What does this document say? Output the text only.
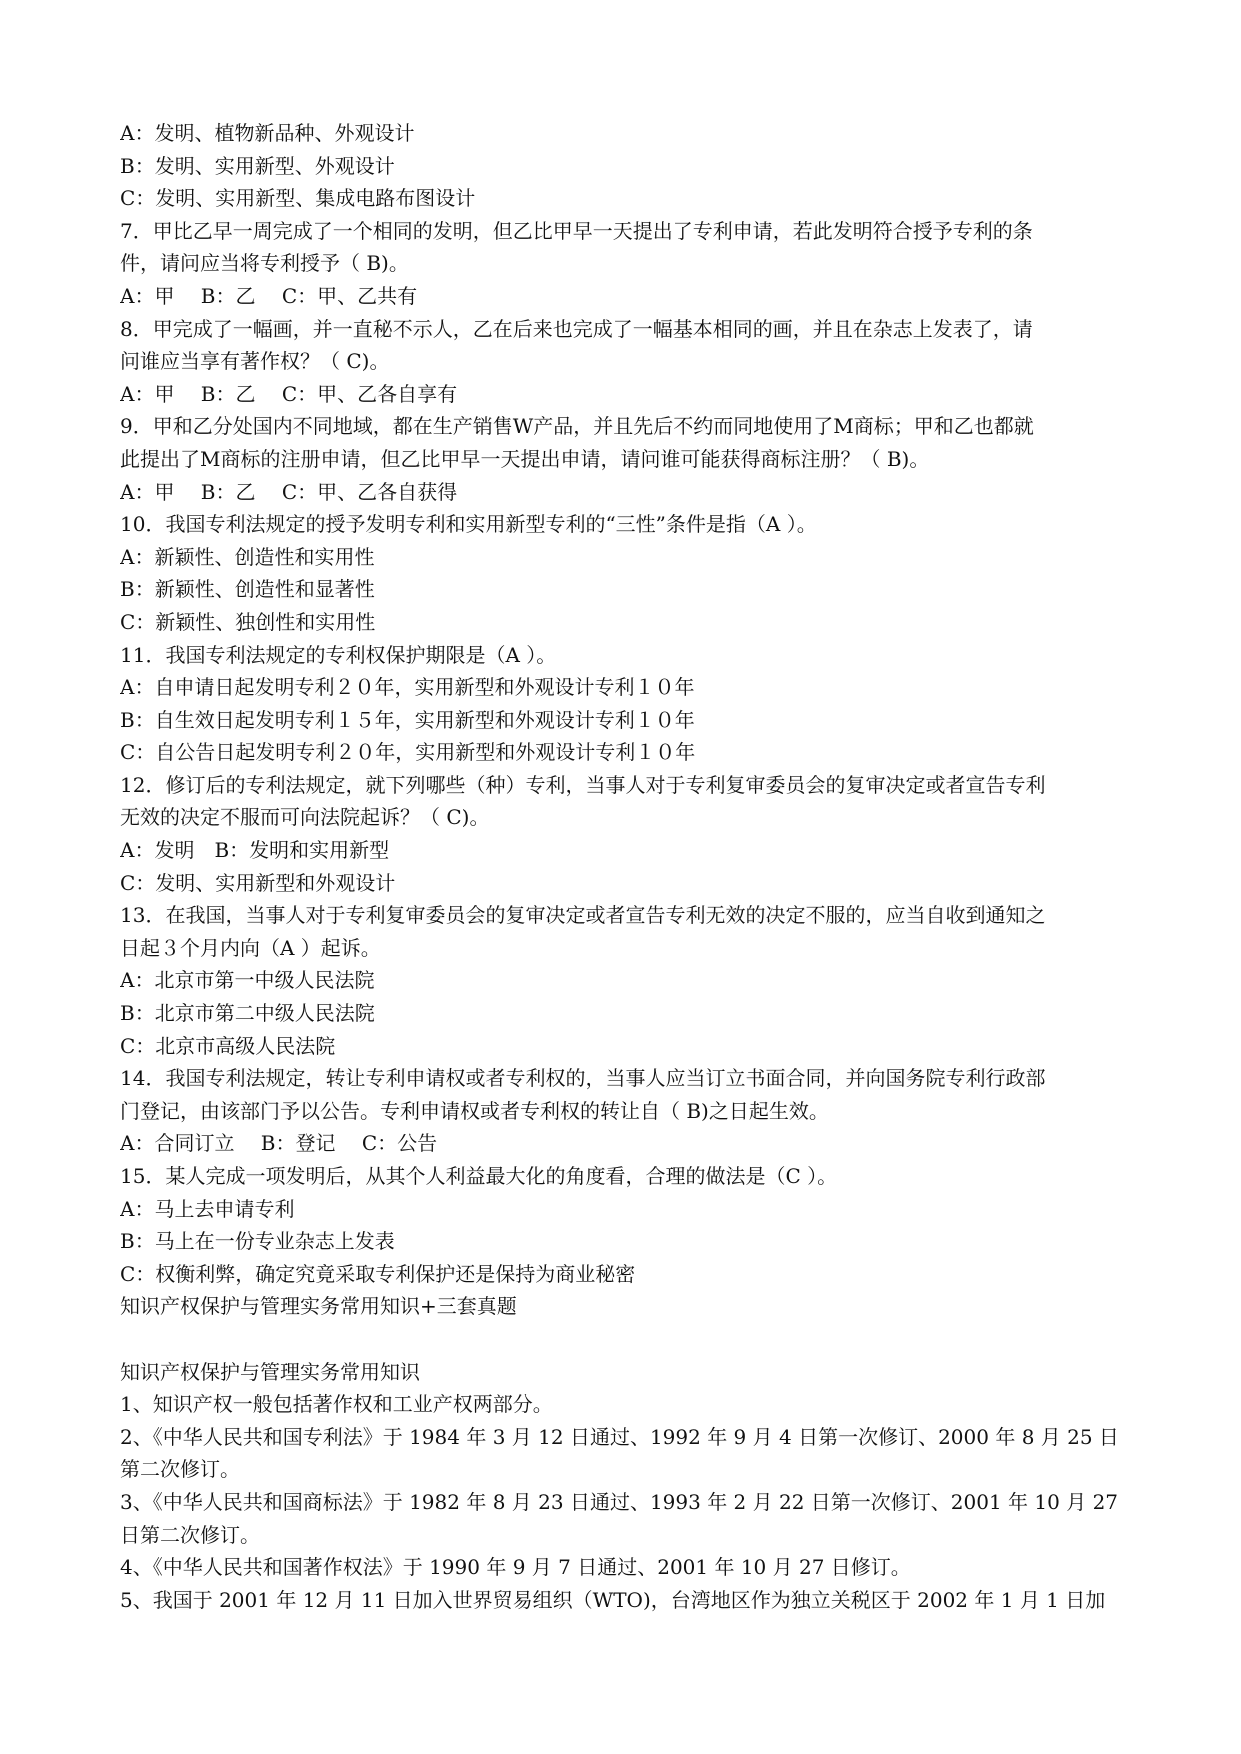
A：发明、植物新品种、外观设计
B：发明、实用新型、外观设计
C：发明、实用新型、集成电路布图设计
7．甲比乙早一周完成了一个相同的发明，但乙比甲早一天提出了专利申请，若此发明符合授予专利的条
件，请问应当将专利授予（ B)。
A：甲　 B：乙　 C：甲、乙共有
8．甲完成了一幅画，并一直秘不示人，乙在后来也完成了一幅基本相同的画，并且在杂志上发表了，请
问谁应当享有著作权？（ C)。
A：甲　 B：乙　 C：甲、乙各自享有
9．甲和乙分处国内不同地域，都在生产销售W产品，并且先后不约而同地使用了M商标；甲和乙也都就
此提出了M商标的注册申请，但乙比甲早一天提出申请，请问谁可能获得商标注册？（ B)。
A：甲　 B：乙　 C：甲、乙各自获得
10．我国专利法规定的授予发明专利和实用新型专利的“三性”条件是指（A ）。
A：新颖性、创造性和实用性
B：新颖性、创造性和显著性
C：新颖性、独创性和实用性
11．我国专利法规定的专利权保护期限是（A ）。
A：自申请日起发明专利２０年，实用新型和外观设计专利１０年
B：自生效日起发明专利１５年，实用新型和外观设计专利１０年
C：自公告日起发明专利２０年，实用新型和外观设计专利１０年
12．修订后的专利法规定，就下列哪些（种）专利，当事人对于专利复审委员会的复审决定或者宣告专利
无效的决定不服而可向法院起诉？（ C)。
A：发明　B：发明和实用新型
C：发明、实用新型和外观设计
13．在我国，当事人对于专利复审委员会的复审决定或者宣告专利无效的决定不服的，应当自收到通知之
日起３个月内向（A ）起诉。
A：北京市第一中级人民法院
B：北京市第二中级人民法院
C：北京市高级人民法院
14．我国专利法规定，转让专利申请权或者专利权的，当事人应当订立书面合同，并向国务院专利行政部
门登记，由该部门予以公告。专利申请权或者专利权的转让自（ B)之日起生效。
A：合同订立　 B：登记　 C：公告
15．某人完成一项发明后，从其个人利益最大化的角度看，合理的做法是（C ）。
A：马上去申请专利
B：马上在一份专业杂志上发表
C：权衡利弊，确定究竟采取专利保护还是保持为商业秘密
知识产权保护与管理实务常用知识+三套真题
知识产权保护与管理实务常用知识
1、知识产权一般包括著作权和工业产权两部分。
2、《中华人民共和国专利法》于 1984 年 3 月 12 日通过、1992 年 9 月 4 日第一次修订、2000 年 8 月 25 日
第二次修订。
3、《中华人民共和国商标法》于 1982 年 8 月 23 日通过、1993 年 2 月 22 日第一次修订、2001 年 10 月 27
日第二次修订。
4、《中华人民共和国著作权法》于 1990 年 9 月 7 日通过、2001 年 10 月 27 日修订。
5、我国于 2001 年 12 月 11 日加入世界贸易组织（WTO)，台湾地区作为独立关税区于 2002 年 1 月 1 日加
